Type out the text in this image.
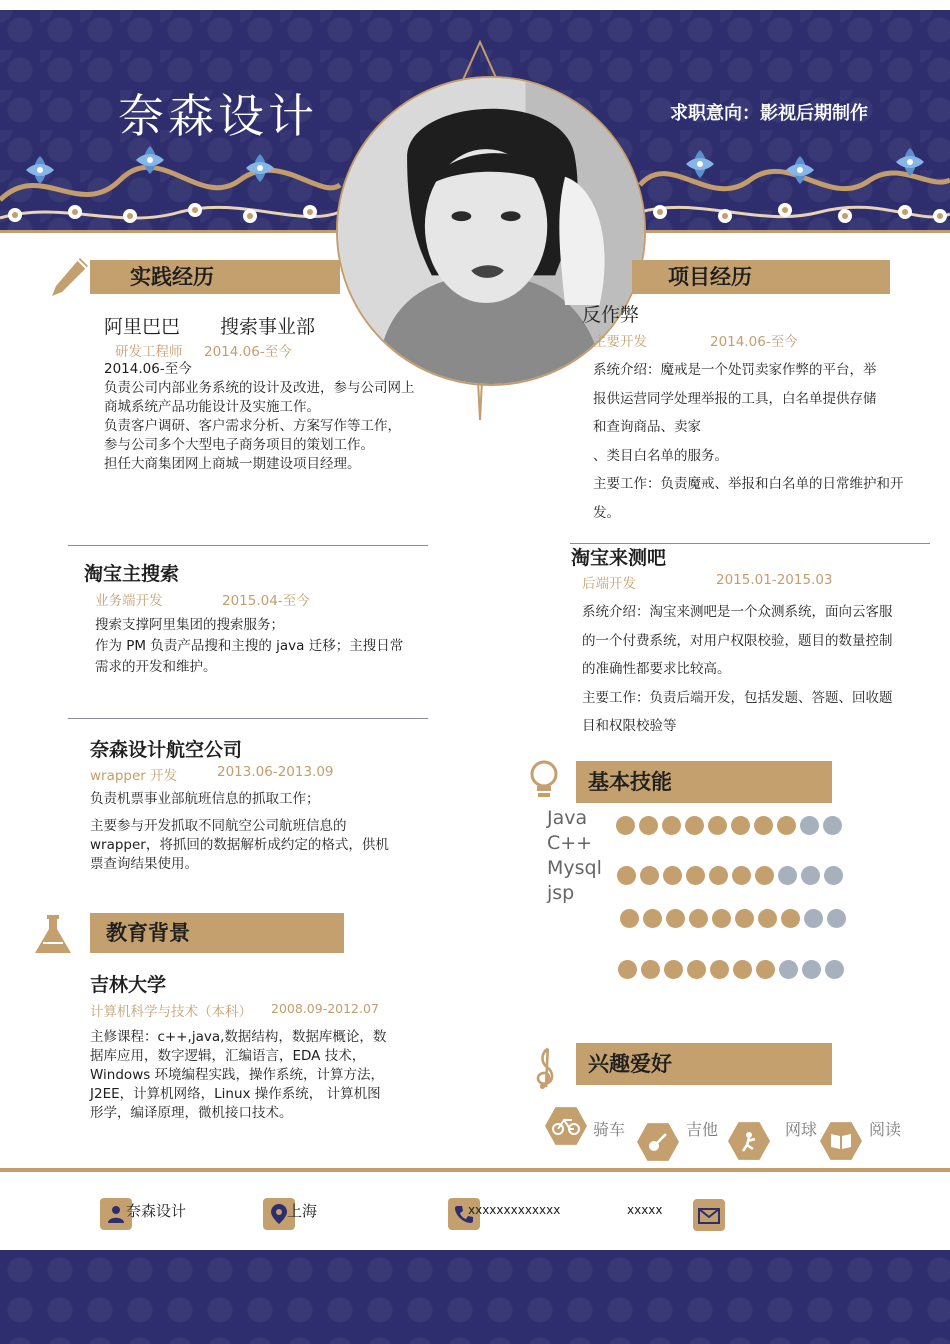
奈森设计	求职意向：影视后期制作
实践经历
阿里巴巴 搜索事业部
研发工程师 2014.06-至今
2014.06-至今
负责公司内部业务系统的设计及改进，参与公司网上
商城系统产品功能设计及实施工作。
负责客户调研、客户需求分析、方案写作等工作，
参与公司多个大型电子商务项目的策划工作。
担任大商集团网上商城一期建设项目经理。
淘宝主搜索
业务端开发	2015.04-至今
搜索支撑阿里集团的搜索服务；
作为 PM 负责产品搜和主搜的 java 迁移；主搜日常
需求的开发和维护。
奈森设计航空公司
wrapper 开发	2013.06-2013.09
负责机票事业部航班信息的抓取工作；
主要参与开发抓取不同航空公司航班信息的
wrapper，将抓回的数据解析成约定的格式，供机
票查询结果使用。
教育背景
吉林大学
计算机科学与技术（本科） 2008.09-2012.07
主修课程：c++,java,数据结构，数据库概论，数
据库应用，数字逻辑，汇编语言，EDA 技术，
Windows 环境编程实践，操作系统，计算方法，
J2EE，计算机网络，Linux 操作系统， 计算机图
形学，编译原理，微机接口技术。
项目经历
反作弊
主要开发	2014.06-至今
系统介绍：魔戒是一个处罚卖家作弊的平台，举
报供运营同学处理举报的工具，白名单提供存储
和查询商品、卖家
、类目白名单的服务。
主要工作：负责魔戒、举报和白名单的日常维护和开
发。
淘宝来测吧
后端开发	2015.01-2015.03
系统介绍：淘宝来测吧是一个众测系统，面向云客服
的一个付费系统，对用户权限校验，题目的数量控制
的准确性都要求比较高。
主要工作：负责后端开发，包括发题、答题、回收题
目和权限校验等
基本技能
Java
C++
Mysql
jsp
兴趣爱好
骑车	吉他	网球	阅读
奈森设计	上海	xxxxxxxxxxxxx	xxxxx
